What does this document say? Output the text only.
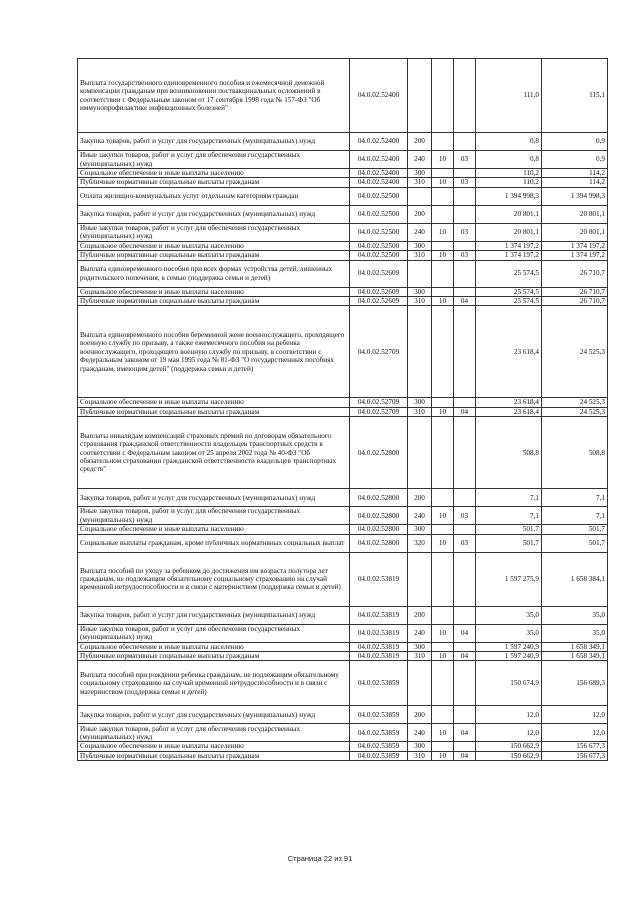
Выплата государственного единовременного пособия и ежемесячной денежной компенсации гражданам при возникновении поствакцинальных осложнений в соответствии с Федеральным законом от 17 сентября 1998 года № 157-ФЗ "Об иммунопрофилактике инфекционных болезней"	04.0.02.52400				111,0	115,1
Закупка товаров, работ и услуг для государственных (муниципальных) нужд	04.0.02.52400	200			0,8	0,9
Иные закупки товаров, работ и услуг для обеспечения государственных (муниципальных) нужд	04.0.02.52400	240	10	03	0,8	0,9
Социальное обеспечение и иные выплаты населению	04.0.02.52400	300			110,2	114,2
Публичные нормативные социальные выплаты гражданам	04.0.02.52400	310	10	03	110,2	114,2
Оплата жилищно-коммунальных услуг отдельным категориям граждан	04.0.02.52500				1 394 998,3	1 394 998,3
Закупка товаров, работ и услуг для государственных (муниципальных) нужд	04.0.02.52500	200			20 801,1	20 801,1
Иные закупки товаров, работ и услуг для обеспечения государственных (муниципальных) нужд	04.0.02.52500	240	10	03	20 801,1	20 801,1
Социальное обеспечение и иные выплаты населению	04.0.02.52500	300			1 374 197,2	1 374 197,2
Публичные нормативные социальные выплаты гражданам	04.0.02.52500	310	10	03	1 374 197,2	1 374 197,2
Выплата единовременного пособия при всех формах устройства детей, лишенных родительского попечения, в семью (поддержка семьи и детей)	04.0.02.52609				25 574,5	26 710,7
Социальное обеспечение и иные выплаты населению	04.0.02.52609	300			25 574,5	26 710,7
Публичные нормативные социальные выплаты гражданам	04.0.02.52609	310	10	04	25 574,5	26 710,7
Выплата единовременного пособия беременной жене военнослужащего, проходящего военную службу по призыву, а также ежемесячного пособия на ребенка военнослужащего, проходящего военную службу по призыву, в соответствии с Федеральным законом от 19 мая 1995 года № 81-ФЗ "О государственных пособиях гражданам, имеющим детей" (поддержка семьи и детей)	04.0.02.52709				23 618,4	24 525,3
Социальное обеспечение и иные выплаты населению	04.0.02.52709	300			23 618,4	24 525,3
Публичные нормативные социальные выплаты гражданам	04.0.02.52709	310	10	04	23 618,4	24 525,3
Выплаты инвалидам компенсаций страховых премий по договорам обязательного страхования гражданской ответственности владельцев транспортных средств в соответствии с Федеральным законом от 25 апреля 2002 года № 40-ФЗ "Об обязательном страховании гражданской ответственности владельцев транспортных средств"	04.0.02.52800				508,8	508,8
Закупка товаров, работ и услуг для государственных (муниципальных) нужд	04.0.02.52800	200			7,1	7,1
Иные закупки товаров, работ и услуг для обеспечения государственных (муниципальных) нужд	04.0.02.52800	240	10	03	7,1	7,1
Социальное обеспечение и иные выплаты населению	04.0.02.52800	300			501,7	501,7
Социальные выплаты гражданам, кроме публичных нормативных социальных выплат	04.0.02.52800	320	10	03	501,7	501,7
Выплата пособий по уходу за ребенком до достижения им возраста полутора лет гражданам, не подлежащим обязательному социальному страхованию на случай временной нетрудоспособности и в связи с материнством (поддержка семьи и детей)	04.0.02.53819				1 597 275,9	1 658 384,1
Закупка товаров, работ и услуг для государственных (муниципальных) нужд	04.0.02.53819	200			35,0	35,0
Иные закупки товаров, работ и услуг для обеспечения государственных (муниципальных) нужд	04.0.02.53819	240	10	04	35,0	35,0
Социальное обеспечение и иные выплаты населению	04.0.02.53819	300			1 597 240,9	1 658 349,1
Публичные нормативные социальные выплаты гражданам	04.0.02.53819	310	10	04	1 597 240,9	1 658 349,1
Выплата пособий при рождении ребенка гражданам, не подлежащим обязательному социальному страхованию на случай временной нетрудоспособности и в связи с материнством (поддержка семьи и детей)	04.0.02.53859				150 674,9	156 689,3
Закупка товаров, работ и услуг для государственных (муниципальных) нужд	04.0.02.53859	200			12,0	12,0
Иные закупки товаров, работ и услуг для обеспечения государственных (муниципальных) нужд	04.0.02.53859	240	10	04	12,0	12,0
Социальное обеспечение и иные выплаты населению	04.0.02.53859	300			150 662,9	156 677,3
Публичные нормативные социальные выплаты гражданам	04.0.02.53859	310	10	04	150 662,9	156 677,3
Страница 22 из 91
